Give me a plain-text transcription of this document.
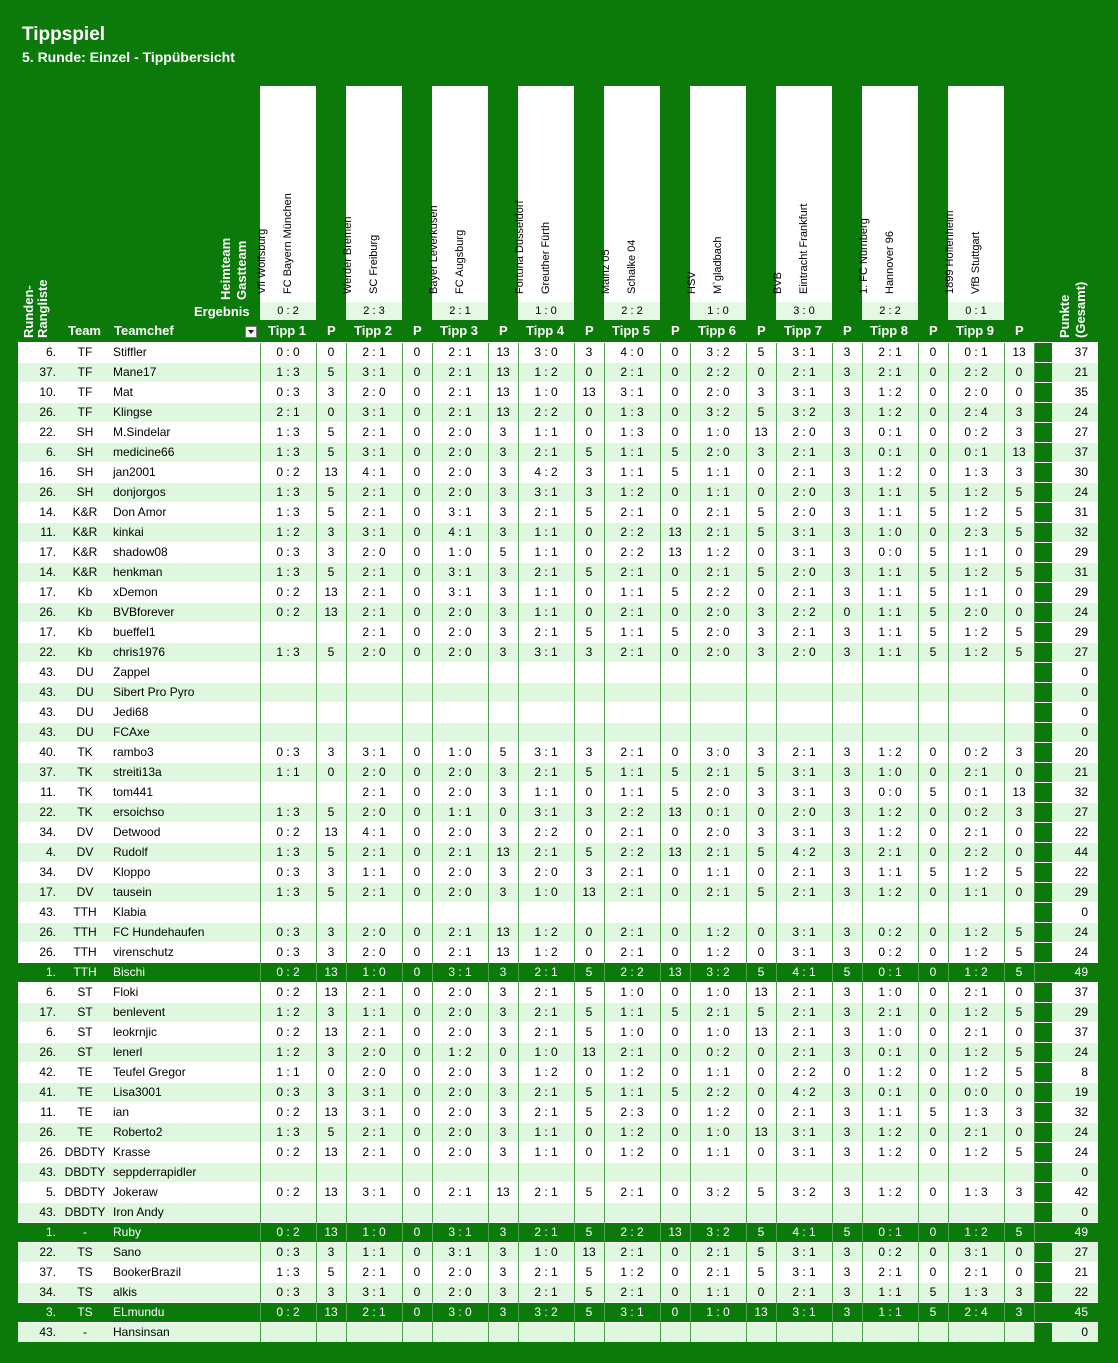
Tippspiel
5. Runde: Einzel - Tippübersicht
Runden- Rangliste
Heimteam Gastteam
Ergebnis	Punkte (Gesamt)
0 : 2
Vfl Wolfsburg FC Bayern München
2 : 3
Werder Bremen SC Freiburg
2 : 1
Bayer Leverkusen FC Augsburg
1 : 0
Fortuna Düsseldorf Greuther Fürth
2 : 2
Mainz 05 Schalke 04
1 : 0
HSV M`gladbach
3 : 0
BVB Eintracht Frankfurt
2 : 2
1. FC Nürnberg Hannover 96
0 : 1
1899 Hoffenheim VfB Stuttgart
Team Teamchef	Tipp 1 P Tipp 2 P Tipp 3 P Tipp 4 P Tipp 5 P Tipp 6 P Tipp 7 P Tipp 8 P Tipp 9 P
6.	TF	Stiffler	0 : 0	0	2 : 1	0	2 : 1	13	3 : 0	3	4 : 0	0	3 : 2	5	3 : 1	3	2 : 1	0	0 : 1	13		37
37.	TF	Mane17	1 : 3	5	3 : 1	0	2 : 1	13	1 : 2	0	2 : 1	0	2 : 2	0	2 : 1	3	2 : 1	0	2 : 2	0		21
10.	TF	Mat	0 : 3	3	2 : 0	0	2 : 1	13	1 : 0	13	3 : 1	0	2 : 0	3	3 : 1	3	1 : 2	0	2 : 0	0		35
26.	TF	Klingse	2 : 1	0	3 : 1	0	2 : 1	13	2 : 2	0	1 : 3	0	3 : 2	5	3 : 2	3	1 : 2	0	2 : 4	3		24
22.	SH	M.Sindelar	1 : 3	5	2 : 1	0	2 : 0	3	1 : 1	0	1 : 3	0	1 : 0	13	2 : 0	3	0 : 1	0	0 : 2	3		27
6.	SH	medicine66	1 : 3	5	3 : 1	0	2 : 0	3	2 : 1	5	1 : 1	5	2 : 0	3	2 : 1	3	0 : 1	0	0 : 1	13		37
16.	SH	jan2001	0 : 2	13	4 : 1	0	2 : 0	3	4 : 2	3	1 : 1	5	1 : 1	0	2 : 1	3	1 : 2	0	1 : 3	3		30
26.	SH	donjorgos	1 : 3	5	2 : 1	0	2 : 0	3	3 : 1	3	1 : 2	0	1 : 1	0	2 : 0	3	1 : 1	5	1 : 2	5		24
14.	K&R	Don Amor	1 : 3	5	2 : 1	0	3 : 1	3	2 : 1	5	2 : 1	0	2 : 1	5	2 : 0	3	1 : 1	5	1 : 2	5		31
11.	K&R	kinkai	1 : 2	3	3 : 1	0	4 : 1	3	1 : 1	0	2 : 2	13	2 : 1	5	3 : 1	3	1 : 0	0	2 : 3	5		32
17.	K&R	shadow08	0 : 3	3	2 : 0	0	1 : 0	5	1 : 1	0	2 : 2	13	1 : 2	0	3 : 1	3	0 : 0	5	1 : 1	0		29
14.	K&R	henkman	1 : 3	5	2 : 1	0	3 : 1	3	2 : 1	5	2 : 1	0	2 : 1	5	2 : 0	3	1 : 1	5	1 : 2	5		31
17.	Kb	xDemon	0 : 2	13	2 : 1	0	3 : 1	3	1 : 1	0	1 : 1	5	2 : 2	0	2 : 1	3	1 : 1	5	1 : 1	0		29
26.	Kb	BVBforever	0 : 2	13	2 : 1	0	2 : 0	3	1 : 1	0	2 : 1	0	2 : 0	3	2 : 2	0	1 : 1	5	2 : 0	0		24
17.	Kb	bueffel1			2 : 1	0	2 : 0	3	2 : 1	5	1 : 1	5	2 : 0	3	2 : 1	3	1 : 1	5	1 : 2	5		29
22.	Kb	chris1976	1 : 3	5	2 : 0	0	2 : 0	3	3 : 1	3	2 : 1	0	2 : 0	3	2 : 0	3	1 : 1	5	1 : 2	5		27
43.	DU	Zappel																				0
43.	DU	Sibert Pro Pyro																				0
43.	DU	Jedi68																				0
43.	DU	FCAxe																				0
40.	TK	rambo3	0 : 3	3	3 : 1	0	1 : 0	5	3 : 1	3	2 : 1	0	3 : 0	3	2 : 1	3	1 : 2	0	0 : 2	3		20
37.	TK	streiti13a	1 : 1	0	2 : 0	0	2 : 0	3	2 : 1	5	1 : 1	5	2 : 1	5	3 : 1	3	1 : 0	0	2 : 1	0		21
11.	TK	tom441			2 : 1	0	2 : 0	3	1 : 1	0	1 : 1	5	2 : 0	3	3 : 1	3	0 : 0	5	0 : 1	13		32
22.	TK	ersoichso	1 : 3	5	2 : 0	0	1 : 1	0	3 : 1	3	2 : 2	13	0 : 1	0	2 : 0	3	1 : 2	0	0 : 2	3		27
34.	DV	Detwood	0 : 2	13	4 : 1	0	2 : 0	3	2 : 2	0	2 : 1	0	2 : 0	3	3 : 1	3	1 : 2	0	2 : 1	0		22
4.	DV	Rudolf	1 : 3	5	2 : 1	0	2 : 1	13	2 : 1	5	2 : 2	13	2 : 1	5	4 : 2	3	2 : 1	0	2 : 2	0		44
34.	DV	Kloppo	0 : 3	3	1 : 1	0	2 : 0	3	2 : 0	3	2 : 1	0	1 : 1	0	2 : 1	3	1 : 1	5	1 : 2	5		22
17.	DV	tausein	1 : 3	5	2 : 1	0	2 : 0	3	1 : 0	13	2 : 1	0	2 : 1	5	2 : 1	3	1 : 2	0	1 : 1	0		29
43.	TTH	Klabia																				0
26.	TTH	FC Hundehaufen	0 : 3	3	2 : 0	0	2 : 1	13	1 : 2	0	2 : 1	0	1 : 2	0	3 : 1	3	0 : 2	0	1 : 2	5		24
26.	TTH	virenschutz	0 : 3	3	2 : 0	0	2 : 1	13	1 : 2	0	2 : 1	0	1 : 2	0	3 : 1	3	0 : 2	0	1 : 2	5		24
1.	TTH	Bischi	0 : 2	13	1 : 0	0	3 : 1	3	2 : 1	5	2 : 2	13	3 : 2	5	4 : 1	5	0 : 1	0	1 : 2	5		49
6.	ST	Floki	0 : 2	13	2 : 1	0	2 : 0	3	2 : 1	5	1 : 0	0	1 : 0	13	2 : 1	3	1 : 0	0	2 : 1	0		37
17.	ST	benlevent	1 : 2	3	1 : 1	0	2 : 0	3	2 : 1	5	1 : 1	5	2 : 1	5	2 : 1	3	2 : 1	0	1 : 2	5		29
6.	ST	leokrnjic	0 : 2	13	2 : 1	0	2 : 0	3	2 : 1	5	1 : 0	0	1 : 0	13	2 : 1	3	1 : 0	0	2 : 1	0		37
26.	ST	lenerl	1 : 2	3	2 : 0	0	1 : 2	0	1 : 0	13	2 : 1	0	0 : 2	0	2 : 1	3	0 : 1	0	1 : 2	5		24
42.	TE	Teufel Gregor	1 : 1	0	2 : 0	0	2 : 0	3	1 : 2	0	1 : 2	0	1 : 1	0	2 : 2	0	1 : 2	0	1 : 2	5		8
41.	TE	Lisa3001	0 : 3	3	3 : 1	0	2 : 0	3	2 : 1	5	1 : 1	5	2 : 2	0	4 : 2	3	0 : 1	0	0 : 0	0		19
11.	TE	ian	0 : 2	13	3 : 1	0	2 : 0	3	2 : 1	5	2 : 3	0	1 : 2	0	2 : 1	3	1 : 1	5	1 : 3	3		32
26.	TE	Roberto2	1 : 3	5	2 : 1	0	2 : 0	3	1 : 1	0	1 : 2	0	1 : 0	13	3 : 1	3	1 : 2	0	2 : 1	0		24
26.	DBDTY	Krasse	0 : 2	13	2 : 1	0	2 : 0	3	1 : 1	0	1 : 2	0	1 : 1	0	3 : 1	3	1 : 2	0	1 : 2	5		24
43.	DBDTY	seppderrapidler																				0
5.	DBDTY	Jokeraw	0 : 2	13	3 : 1	0	2 : 1	13	2 : 1	5	2 : 1	0	3 : 2	5	3 : 2	3	1 : 2	0	1 : 3	3		42
43.	DBDTY	Iron Andy																				0
1.	-	Ruby	0 : 2	13	1 : 0	0	3 : 1	3	2 : 1	5	2 : 2	13	3 : 2	5	4 : 1	5	0 : 1	0	1 : 2	5		49
22.	TS	Sano	0 : 3	3	1 : 1	0	3 : 1	3	1 : 0	13	2 : 1	0	2 : 1	5	3 : 1	3	0 : 2	0	3 : 1	0		27
37.	TS	BookerBrazil	1 : 3	5	2 : 1	0	2 : 0	3	2 : 1	5	1 : 2	0	2 : 1	5	3 : 1	3	2 : 1	0	2 : 1	0		21
34.	TS	alkis	0 : 3	3	3 : 1	0	2 : 0	3	2 : 1	5	2 : 1	0	1 : 1	0	2 : 1	3	1 : 1	5	1 : 3	3		22
3.	TS	ELmundu	0 : 2	13	2 : 1	0	3 : 0	3	3 : 2	5	3 : 1	0	1 : 0	13	3 : 1	3	1 : 1	5	2 : 4	3		45
43.	-	Hansinsan																				0
